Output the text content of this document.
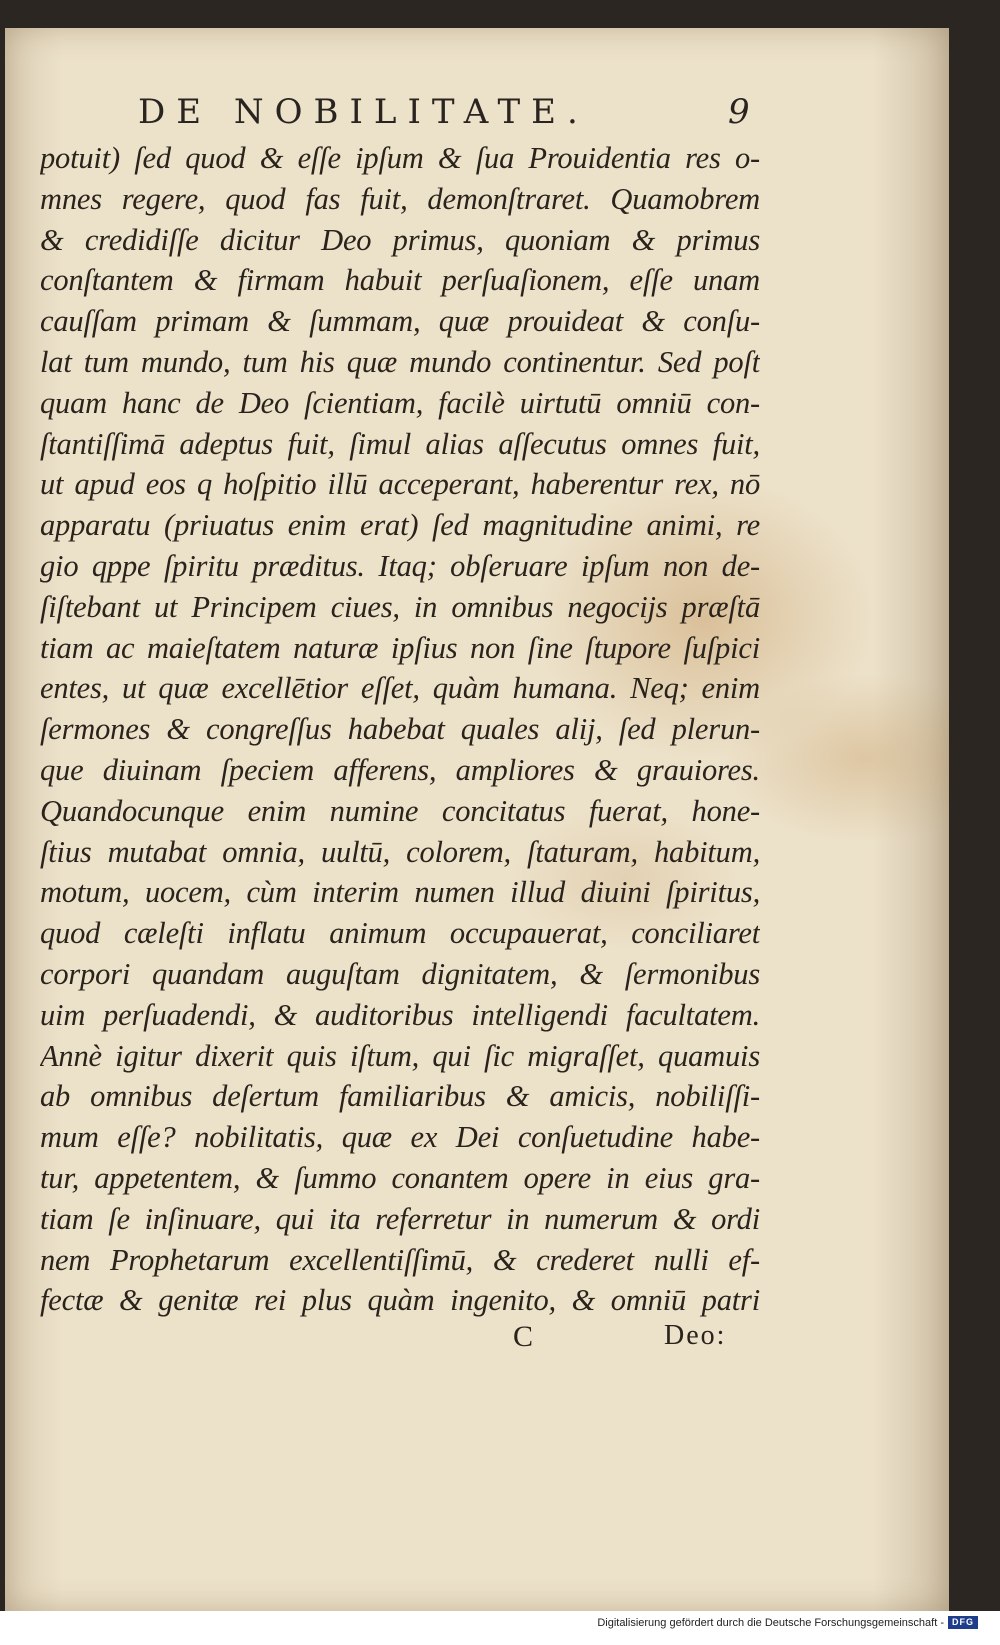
DE NOBILITATE.	9
potuit) ſed quod & eſſe ipſum & ſua Prouidentia res o-
mnes regere, quod fas fuit, demonſtraret. Quamobrem
& credidiſſe dicitur Deo primus, quoniam & primus
conſtantem & firmam habuit perſuaſionem, eſſe unam
cauſſam primam & ſummam, quæ prouideat & conſu-
lat tum mundo, tum his quæ mundo continentur. Sed poſt
quam hanc de Deo ſcientiam, facilè uirtutū omniū con-
ſtantiſſimā adeptus fuit, ſimul alias aſſecutus omnes fuit,
ut apud eos q hoſpitio illū acceperant, haberentur rex, nō
apparatu (priuatus enim erat) ſed magnitudine animi, re
gio qppe ſpiritu præditus. Itaq; obſeruare ipſum non de-
ſiſtebant ut Principem ciues, in omnibus negocijs præſtā
tiam ac maieſtatem naturæ ipſius non ſine ſtupore ſuſpici
entes, ut quæ excellētior eſſet, quàm humana. Neq; enim
ſermones & congreſſus habebat quales alij, ſed plerun-
que diuinam ſpeciem afferens, ampliores & grauiores.
Quandocunque enim numine concitatus fuerat, hone-
ſtius mutabat omnia, uultū, colorem, ſtaturam, habitum,
motum, uocem, cùm interim numen illud diuini ſpiritus,
quod cæleſti inflatu animum occupauerat, conciliaret
corpori quandam auguſtam dignitatem, & ſermonibus
uim perſuadendi, & auditoribus intelligendi facultatem.
Annè igitur dixerit quis iſtum, qui ſic migraſſet, quamuis
ab omnibus deſertum familiaribus & amicis, nobiliſſi-
mum eſſe? nobilitatis, quæ ex Dei conſuetudine habe-
tur, appetentem, & ſummo conantem opere in eius gra-
tiam ſe inſinuare, qui ita referretur in numerum & ordi
nem Prophetarum excellentiſſimū, & crederet nulli ef-
fectæ & genitæ rei plus quàm ingenito, & omniū patri
C	Deo:
Digitalisierung gefördert durch die Deutsche Forschungsgemeinschaft - DFG
